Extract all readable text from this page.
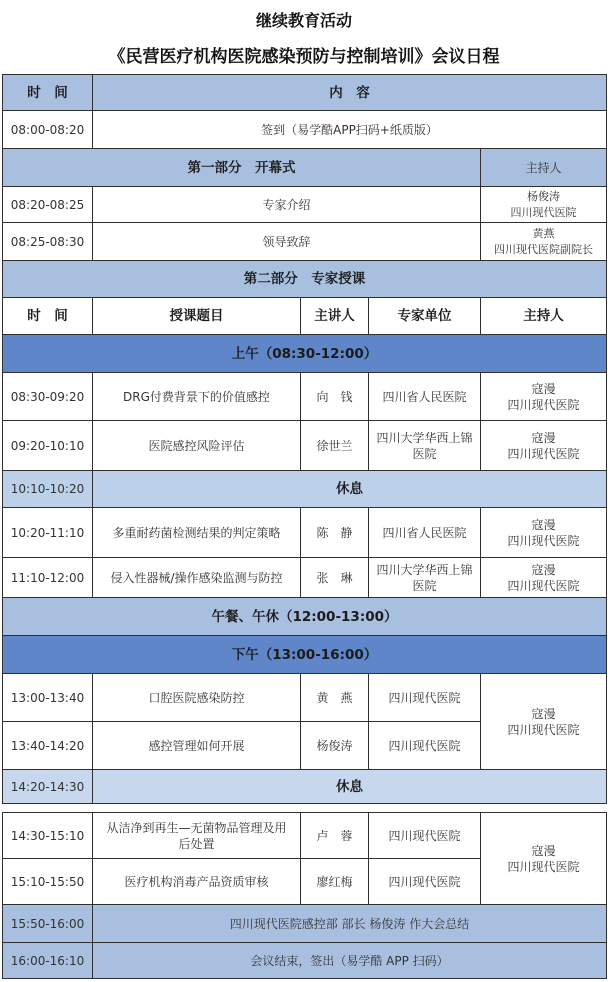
继续教育活动
《民营医疗机构医院感染预防与控制培训》会议日程
时　间	内　容			
08:00-08:20	签到（易学酷APP扫码+纸质版）			
第一部分　开幕式				主持人
08:20-08:25	专家介绍			杨俊涛
四川现代医院
08:25-08:30	领导致辞			黄燕
四川现代医院副院长
第二部分　专家授课				
时　间	授课题目	主讲人	专家单位	主持人
上午（08:30-12:00）				
08:30-09:20	DRG付费背景下的价值感控	向　钱	四川省人民医院	寇漫
四川现代医院
09:20-10:10	医院感控风险评估	徐世兰	四川大学华西上锦医院	寇漫
四川现代医院
10:10-10:20	休息			
10:20-11:10	多重耐药菌检测结果的判定策略	陈　静	四川省人民医院	寇漫
四川现代医院
11:10-12:00	侵入性器械/操作感染监测与防控	张　琳	四川大学华西上锦医院	寇漫
四川现代医院
午餐、午休（12:00-13:00）				
下午（13:00-16:00）				
13:00-13:40	口腔医院感染防控	黄　燕	四川现代医院	寇漫
四川现代医院
13:40-14:20	感控管理如何开展	杨俊涛	四川现代医院	
14:20-14:30	休息			

14:30-15:10	从洁净到再生—无菌物品管理及用后处置	卢　蓉	四川现代医院	寇漫
四川现代医院
15:10-15:50	医疗机构消毒产品资质审核	廖红梅	四川现代医院	
15:50-16:00	四川现代医院感控部 部长 杨俊涛 作大会总结			
16:00-16:10	会议结束，签出（易学酷 APP 扫码）			
